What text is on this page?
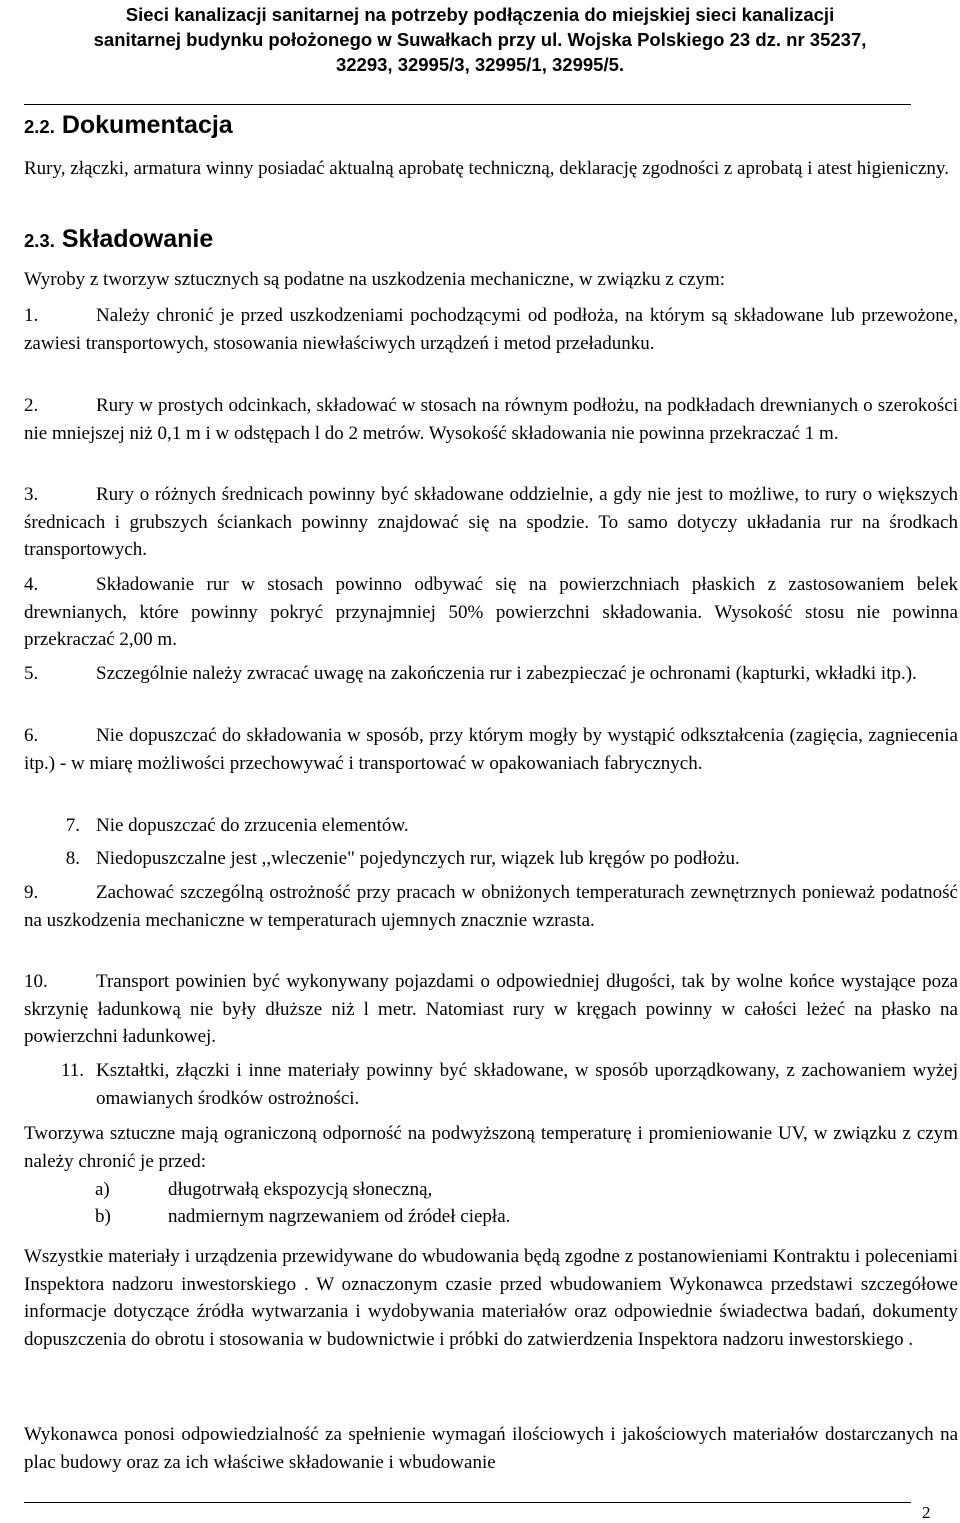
Sieci kanalizacji sanitarnej na potrzeby podłączenia do miejskiej sieci kanalizacji
sanitarnej budynku położonego w Suwałkach przy ul. Wojska Polskiego 23 dz. nr 35237,
32293, 32995/3, 32995/1, 32995/5.
2.2. Dokumentacja
Rury, złączki, armatura winny posiadać aktualną aprobatę techniczną, deklarację zgodności z aprobatą i atest higieniczny.
2.3. Składowanie
Wyroby z tworzyw sztucznych są podatne na uszkodzenia mechaniczne, w związku z czym:
1.	Należy chronić je przed uszkodzeniami pochodzącymi od podłoża, na którym są składowane lub przewożone, zawiesi transportowych, stosowania niewłaściwych urządzeń i metod przeładunku.
2.	Rury w prostych odcinkach, składować w stosach na równym podłożu, na podkładach drewnianych o szerokości nie mniejszej niż 0,1 m i w odstępach l do 2 metrów. Wysokość składowania nie powinna przekraczać 1 m.
3.	Rury o różnych średnicach powinny być składowane oddzielnie, a gdy nie jest to możliwe, to rury o większych średnicach i grubszych ściankach powinny znajdować się na spodzie. To samo dotyczy układania rur na środkach transportowych.
4.	Składowanie rur w stosach powinno odbywać się na powierzchniach płaskich z zastosowaniem belek drewnianych, które powinny pokryć przynajmniej 50% powierzchni składowania. Wysokość stosu nie powinna przekraczać 2,00 m.
5.	Szczególnie należy zwracać uwagę na zakończenia rur i zabezpieczać je ochronami (kapturki, wkładki itp.).
6.	Nie dopuszczać do składowania w sposób, przy którym mogły by wystąpić odkształcenia (zagięcia, zagniecenia itp.) - w miarę możliwości przechowywać i transportować w opakowaniach fabrycznych.
7. Nie dopuszczać do zrzucenia elementów.
8. Niedopuszczalne jest ,,wleczenie" pojedynczych rur, wiązek lub kręgów po podłożu.
9.	Zachować szczególną ostrożność przy pracach w obniżonych temperaturach zewnętrznych ponieważ podatność na uszkodzenia mechaniczne w temperaturach ujemnych znacznie wzrasta.
10.	Transport powinien być wykonywany pojazdami o odpowiedniej długości, tak by wolne końce wystające poza skrzynię ładunkową nie były dłuższe niż l metr. Natomiast rury w kręgach powinny w całości leżeć na płasko na powierzchni ładunkowej.
11. Kształtki, złączki i inne materiały powinny być składowane, w sposób uporządkowany, z zachowaniem wyżej omawianych środków ostrożności.
Tworzywa sztuczne mają ograniczoną odporność na podwyższoną temperaturę i promieniowanie UV, w związku z czym należy chronić je przed:
a)	długotrwałą ekspozycją słoneczną,
b)	nadmiernym nagrzewaniem od źródeł ciepła.
Wszystkie materiały i urządzenia przewidywane do wbudowania będą zgodne z postanowieniami Kontraktu i poleceniami Inspektora nadzoru inwestorskiego . W oznaczonym czasie przed wbudowaniem Wykonawca przedstawi szczegółowe informacje dotyczące źródła wytwarzania i wydobywania materiałów oraz odpowiednie świadectwa badań, dokumenty dopuszczenia do obrotu i stosowania w budownictwie i próbki do zatwierdzenia Inspektora nadzoru inwestorskiego .
Wykonawca ponosi odpowiedzialność za spełnienie wymagań ilościowych i jakościowych materiałów dostarczanych na plac budowy oraz za ich właściwe składowanie i wbudowanie
2
